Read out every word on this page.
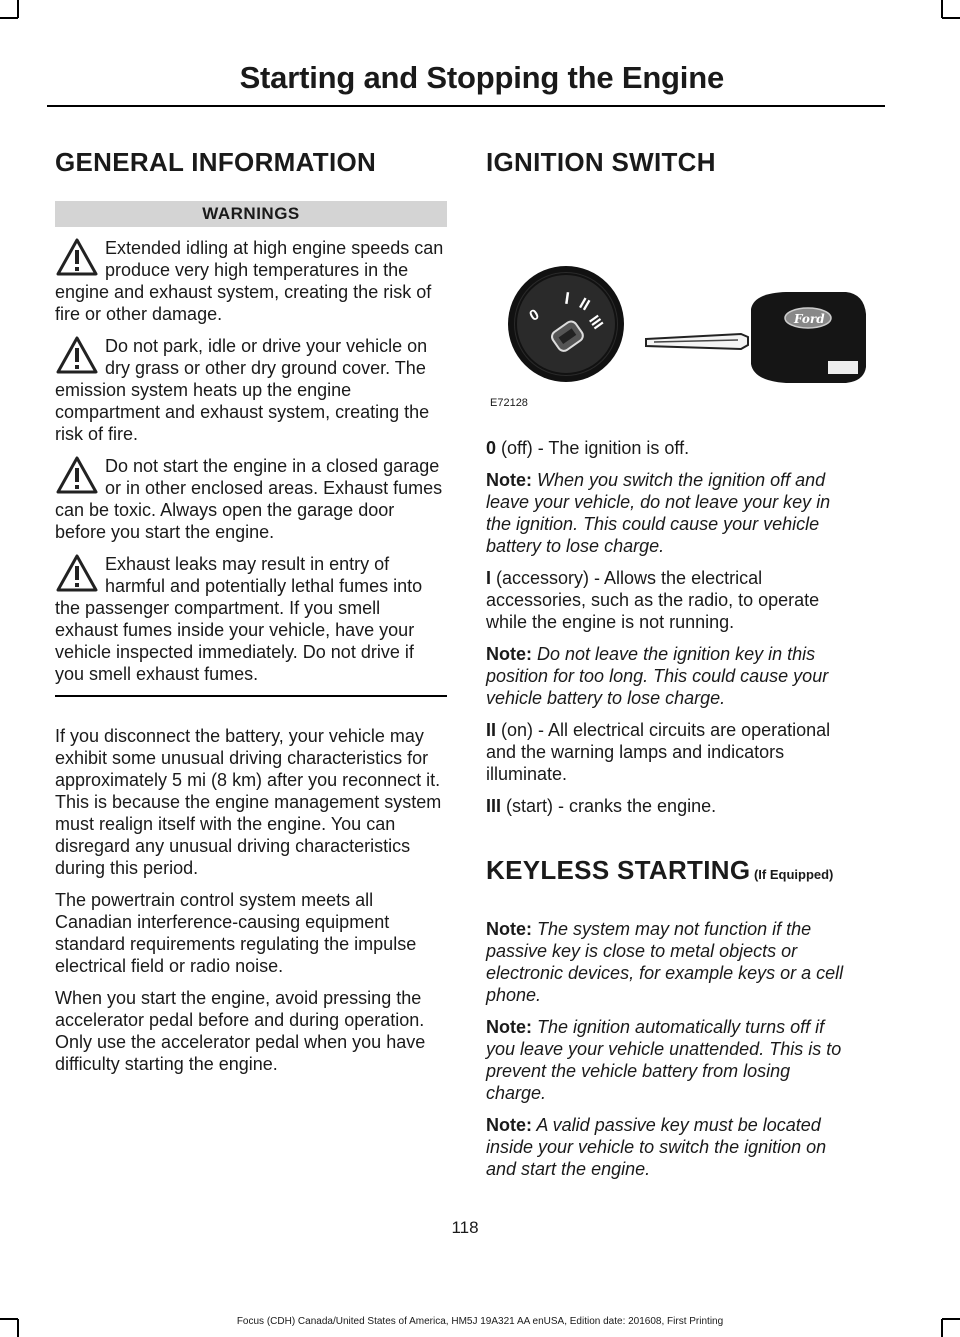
Starting and Stopping the Engine
GENERAL INFORMATION
WARNINGS
Extended idling at high engine speeds can produce very high temperatures in the engine and exhaust system, creating the risk of fire or other damage.
Do not park, idle or drive your vehicle on dry grass or other dry ground cover. The emission system heats up the engine compartment and exhaust system, creating the risk of fire.
Do not start the engine in a closed garage or in other enclosed areas. Exhaust fumes can be toxic. Always open the garage door before you start the engine.
Exhaust leaks may result in entry of harmful and potentially lethal fumes into the passenger compartment. If you smell exhaust fumes inside your vehicle, have your vehicle inspected immediately. Do not drive if you smell exhaust fumes.

If you disconnect the battery, your vehicle may exhibit some unusual driving characteristics for approximately 5 mi (8 km) after you reconnect it. This is because the engine management system must realign itself with the engine. You can disregard any unusual driving characteristics during this period.

The powertrain control system meets all Canadian interference-causing equipment standard requirements regulating the impulse electrical field or radio noise.

When you start the engine, avoid pressing the accelerator pedal before and during operation. Only use the accelerator pedal when you have difficulty starting the engine.

IGNITION SWITCH
0
I II
III	Ford
E72128

0 (off) - The ignition is off.

Note: When you switch the ignition off and leave your vehicle, do not leave your key in the ignition. This could cause your vehicle battery to lose charge.

I (accessory) - Allows the electrical accessories, such as the radio, to operate while the engine is not running.

Note: Do not leave the ignition key in this position for too long. This could cause your vehicle battery to lose charge.

II (on) - All electrical circuits are operational and the warning lamps and indicators illuminate.

III (start) - cranks the engine.

KEYLESS STARTING (If Equipped)

Note: The system may not function if the passive key is close to metal objects or electronic devices, for example keys or a cell phone.

Note: The ignition automatically turns off if you leave your vehicle unattended. This is to prevent the vehicle battery from losing charge.

Note: A valid passive key must be located inside your vehicle to switch the ignition on and start the engine.

118
Focus (CDH) Canada/United States of America, HM5J 19A321 AA enUSA, Edition date: 201608, First Printing
